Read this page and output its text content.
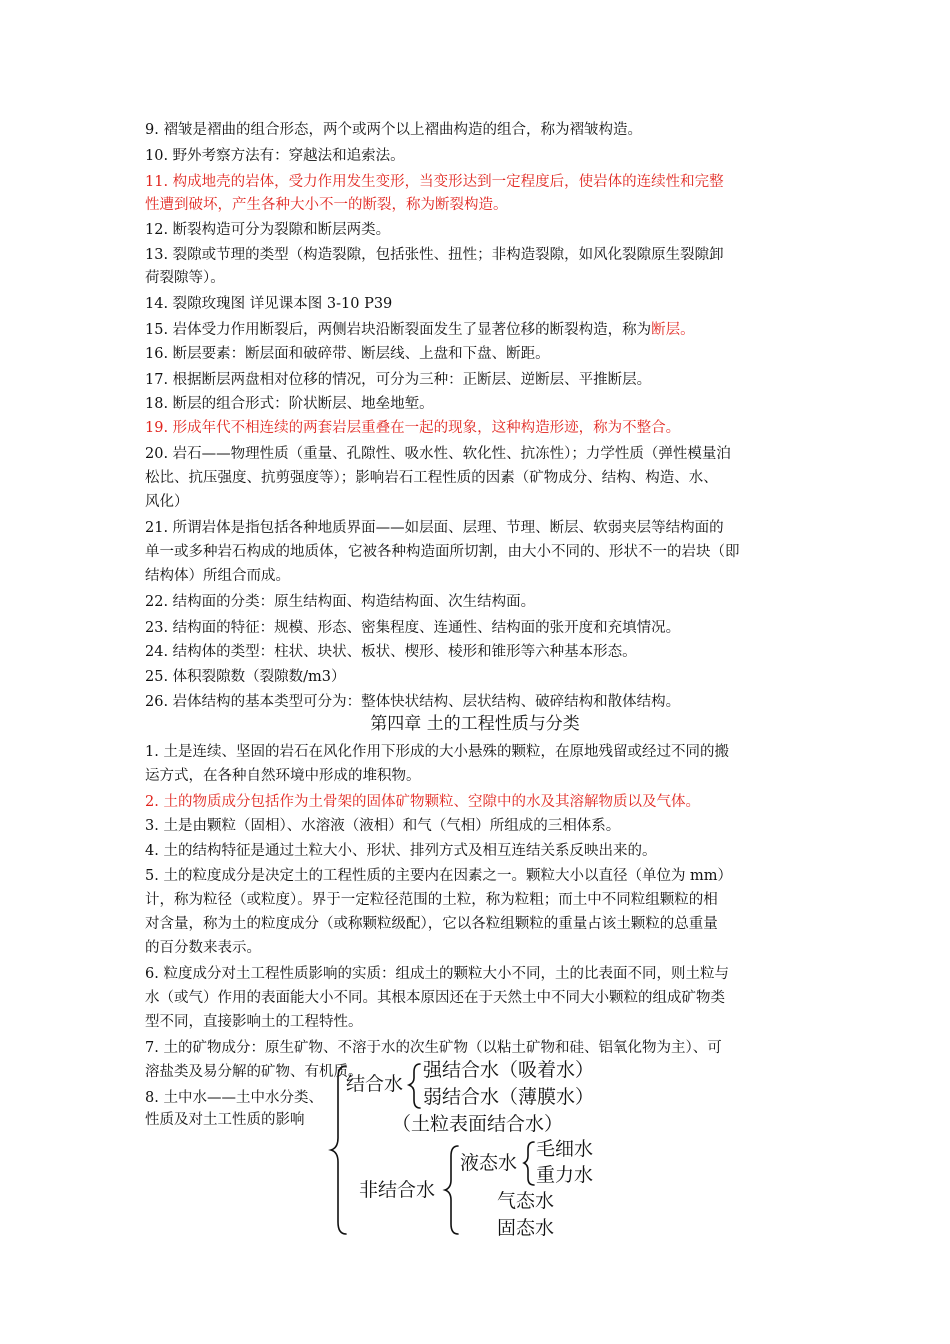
9. 褶皱是褶曲的组合形态，两个或两个以上褶曲构造的组合，称为褶皱构造。
10. 野外考察方法有：穿越法和追索法。
11. 构成地壳的岩体，受力作用发生变形，当变形达到一定程度后，使岩体的连续性和完整
性遭到破坏，产生各种大小不一的断裂，称为断裂构造。
12. 断裂构造可分为裂隙和断层两类。
13. 裂隙或节理的类型（构造裂隙，包括张性、扭性；非构造裂隙，如风化裂隙原生裂隙卸
荷裂隙等）。
14. 裂隙玫瑰图 详见课本图 3-10 P39
15. 岩体受力作用断裂后，两侧岩块沿断裂面发生了显著位移的断裂构造，称为断层。
16. 断层要素：断层面和破碎带、断层线、上盘和下盘、断距。
17. 根据断层两盘相对位移的情况，可分为三种：正断层、逆断层、平推断层。
18. 断层的组合形式：阶状断层、地垒地堑。
19. 形成年代不相连续的两套岩层重叠在一起的现象，这种构造形迹，称为不整合。
20. 岩石——物理性质（重量、孔隙性、吸水性、软化性、抗冻性）；力学性质（弹性模量泊
松比、抗压强度、抗剪强度等）；影响岩石工程性质的因素（矿物成分、结构、构造、水、
风化）
21. 所谓岩体是指包括各种地质界面——如层面、层理、节理、断层、软弱夹层等结构面的
单一或多种岩石构成的地质体，它被各种构造面所切割，由大小不同的、形状不一的岩块（即
结构体）所组合而成。
22. 结构面的分类：原生结构面、构造结构面、次生结构面。
23. 结构面的特征：规模、形态、密集程度、连通性、结构面的张开度和充填情况。
24. 结构体的类型：柱状、块状、板状、楔形、棱形和锥形等六种基本形态。
25. 体积裂隙数（裂隙数/m3）
26. 岩体结构的基本类型可分为：整体快状结构、层状结构、破碎结构和散体结构。
第四章 土的工程性质与分类
1. 土是连续、坚固的岩石在风化作用下形成的大小悬殊的颗粒，在原地残留或经过不同的搬
运方式，在各种自然环境中形成的堆积物。
2. 土的物质成分包括作为土骨架的固体矿物颗粒、空隙中的水及其溶解物质以及气体。
3. 土是由颗粒（固相）、水溶液（液相）和气（气相）所组成的三相体系。
4. 土的结构特征是通过土粒大小、形状、排列方式及相互连结关系反映出来的。
5. 土的粒度成分是决定土的工程性质的主要内在因素之一。颗粒大小以直径（单位为 mm）
计，称为粒径（或粒度）。界于一定粒径范围的土粒，称为粒粗；而土中不同粒组颗粒的相
对含量，称为土的粒度成分（或称颗粒级配），它以各粒组颗粒的重量占该土颗粒的总重量
的百分数来表示。
6. 粒度成分对土工程性质影响的实质：组成土的颗粒大小不同，土的比表面不同，则土粒与
水（或气）作用的表面能大小不同。其根本原因还在于天然土中不同大小颗粒的组成矿物类
型不同，直接影响土的工程特性。
7. 土的矿物成分：原生矿物、不溶于水的次生矿物（以粘土矿物和硅、铝氧化物为主）、可
溶盐类及易分解的矿物、有机质。
8. 土中水——土中水分类、
性质及对土工性质的影响
结合水
强结合水（吸着水）
弱结合水（薄膜水）
（土粒表面结合水）
非结合水
液态水
毛细水
重力水
气态水
固态水
